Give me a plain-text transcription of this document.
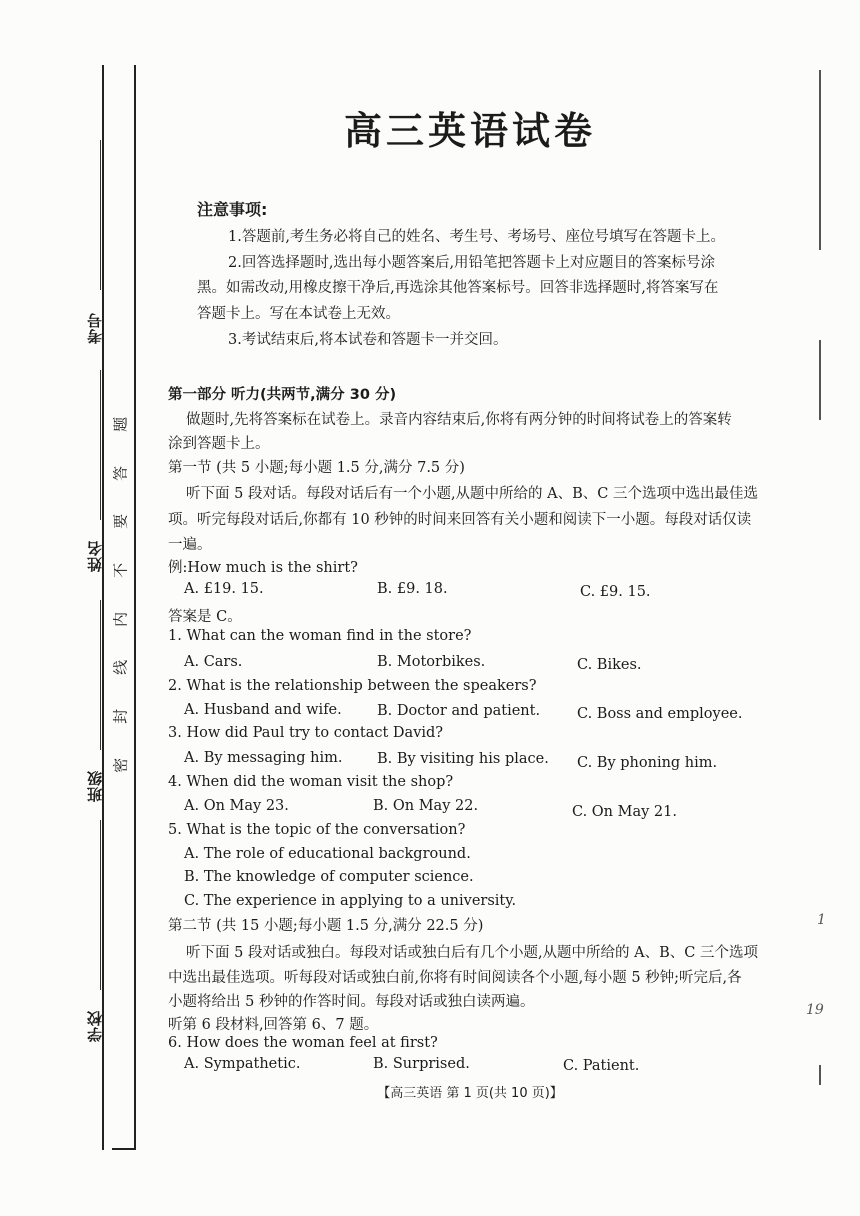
考号
姓名
班级
学校
题
答
要
不
内
线
封
密
1
19
高三英语试卷
注意事项:
1.答题前,考生务必将自己的姓名、考生号、考场号、座位号填写在答题卡上。
2.回答选择题时,选出每小题答案后,用铅笔把答题卡上对应题目的答案标号涂
黑。如需改动,用橡皮擦干净后,再选涂其他答案标号。回答非选择题时,将答案写在
答题卡上。写在本试卷上无效。
3.考试结束后,将本试卷和答题卡一并交回。
第一部分 听力(共两节,满分 30 分)
做题时,先将答案标在试卷上。录音内容结束后,你将有两分钟的时间将试卷上的答案转
涂到答题卡上。
第一节 (共 5 小题;每小题 1.5 分,满分 7.5 分)
听下面 5 段对话。每段对话后有一个小题,从题中所给的 A、B、C 三个选项中选出最佳选
项。听完每段对话后,你都有 10 秒钟的时间来回答有关小题和阅读下一小题。每段对话仅读
一遍。
例:How much is the shirt?
A. £19. 15.	B. £9. 18.	C. £9. 15.
答案是 C。
1. What can the woman find in the store?
A. Cars.	B. Motorbikes.	C. Bikes.
2. What is the relationship between the speakers?
A. Husband and wife. B. Doctor and patient.	C. Boss and employee.
3. How did Paul try to contact David?
A. By messaging him. B. By visiting his place. C. By phoning him.
4. When did the woman visit the shop?
A. On May 23.	B. On May 22.	C. On May 21.
5. What is the topic of the conversation?
A. The role of educational background.
B. The knowledge of computer science.
C. The experience in applying to a university.
第二节 (共 15 小题;每小题 1.5 分,满分 22.5 分)
听下面 5 段对话或独白。每段对话或独白后有几个小题,从题中所给的 A、B、C 三个选项
中选出最佳选项。听每段对话或独白前,你将有时间阅读各个小题,每小题 5 秒钟;听完后,各
小题将给出 5 秒钟的作答时间。每段对话或独白读两遍。
听第 6 段材料,回答第 6、7 题。
6. How does the woman feel at first?
A. Sympathetic.	B. Surprised.	C. Patient.
【高三英语 第 1 页(共 10 页)】
